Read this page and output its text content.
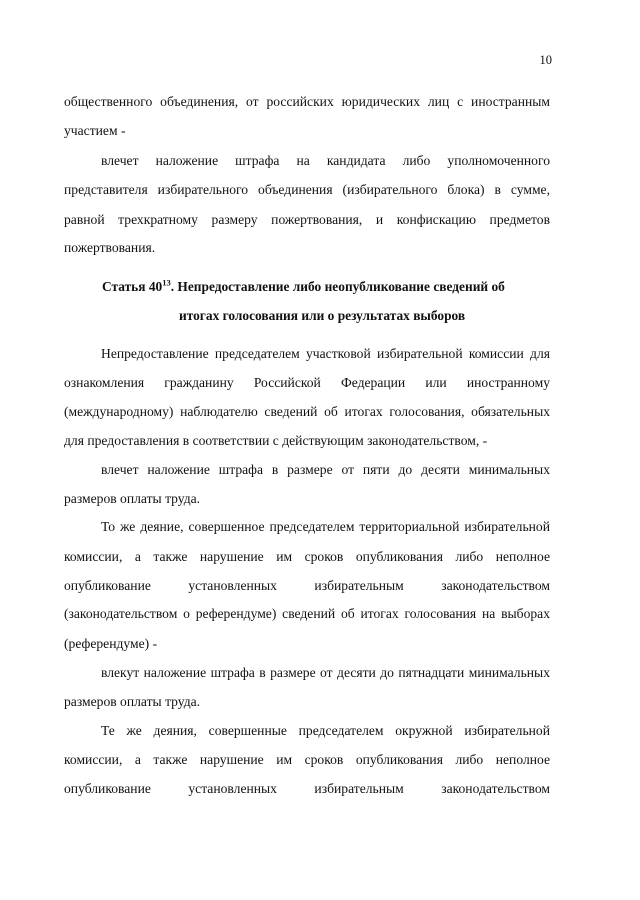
10
общественного объединения, от российских юридических лиц с иностранным
участием -
влечет наложение штрафа на кандидата либо уполномоченного
представителя избирательного объединения (избирательного блока) в сумме,
равной трехкратному размеру пожертвования, и конфискацию предметов
пожертвования.
Статья $40^{13}$. Непредоставление либо неопубликование сведений об
итогах голосования или о результатах выборов
Непредоставление председателем участковой избирательной комиссии для
ознакомления гражданину Российской Федерации или иностранному
(международному) наблюдателю сведений об итогах голосования, обязательных
для предоставления в соответствии с действующим законодательством, -
влечет наложение штрафа в размере от пяти до десяти минимальных
размеров оплаты труда.
То же деяние, совершенное председателем территориальной избирательной
комиссии, а также нарушение им сроков опубликования либо неполное
опубликование установленных избирательным законодательством
(законодательством о референдуме) сведений об итогах голосования на выборах
(референдуме) -
влекут наложение штрафа в размере от десяти до пятнадцати минимальных
размеров оплаты труда.
Те же деяния, совершенные председателем окружной избирательной
комиссии, а также нарушение им сроков опубликования либо неполное
опубликование установленных избирательным законодательством
